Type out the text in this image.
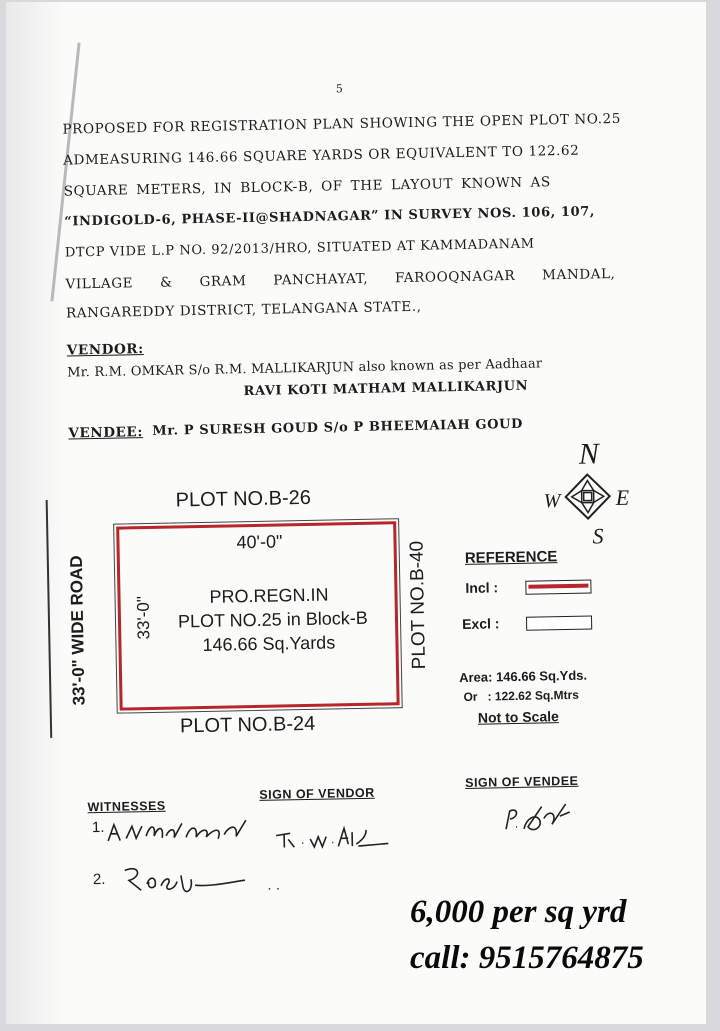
5
PROPOSED FOR REGISTRATION PLAN SHOWING THE OPEN PLOT NO.25
ADMEASURING 146.66 SQUARE YARDS OR EQUIVALENT TO 122.62
SQUARE METERS, IN BLOCK-B, OF THE LAYOUT KNOWN AS
“INDIGOLD-6, PHASE-II@SHADNAGAR” IN SURVEY NOS. 106, 107,
DTCP VIDE L.P NO. 92/2013/HRO, SITUATED AT KAMMADANAM
VILLAGE & GRAM PANCHAYAT, FAROOQNAGAR MANDAL,
RANGAREDDY DISTRICT, TELANGANA STATE.,
VENDOR:
Mr. R.M. OMKAR S/o R.M. MALLIKARJUN also known as per Aadhaar
RAVI KOTI MATHAM MALLIKARJUN
VENDEE: Mr. P SURESH GOUD S/o P BHEEMAIAH GOUD
33'-0" WIDE ROAD
PLOT NO.B-26
40'-0"
33'-0"
PRO.REGN.IN
PLOT NO.25 in Block-B
146.66 Sq.Yards	PLOT NO.B-40
PLOT NO.B-24
N
W E
S
REFERENCE
Incl :
Excl :
Area: 146.66 Sq.Yds.
Or   : 122.62 Sq.Mtrs
Not to Scale
WITNESSES
SIGN OF VENDOR
SIGN OF VENDEE
1.
2.	· ·
6,000 per sq yrd
call: 9515764875
